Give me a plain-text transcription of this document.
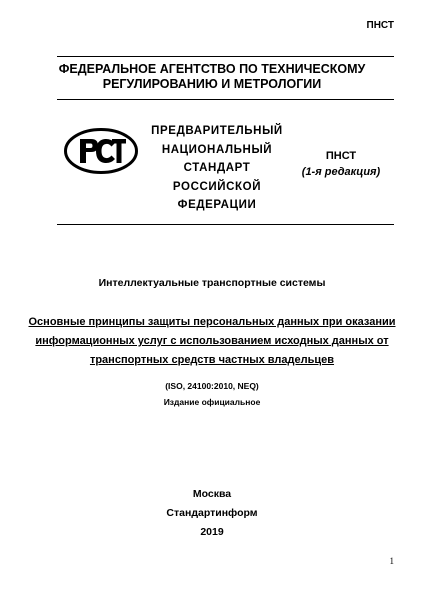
ПНСТ
ФЕДЕРАЛЬНОЕ АГЕНТСТВО ПО ТЕХНИЧЕСКОМУ
РЕГУЛИРОВАНИЮ И МЕТРОЛОГИИ
ПРЕДВАРИТЕЛЬНЫЙ
НАЦИОНАЛЬНЫЙ
СТАНДАРТ
РОССИЙСКОЙ
ФЕДЕРАЦИИ
ПНСТ
(1-я редакция)
Интеллектуальные транспортные системы
Основные принципы защиты персональных данных при оказании
информационных услуг с использованием исходных данных от
транспортных средств частных владельцев
(ISO, 24100:2010, NEQ)
Издание официальное
Москва
Стандартинформ
2019
1
